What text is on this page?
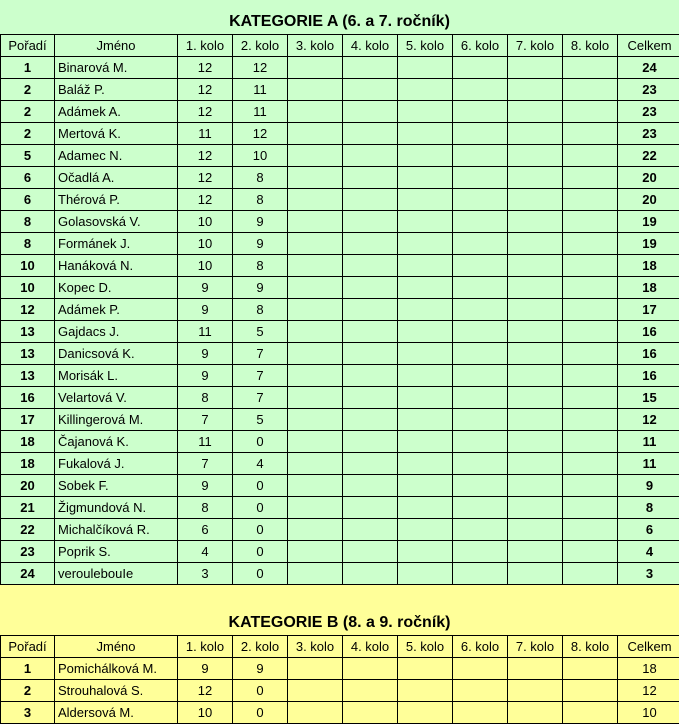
KATEGORIE A (6. a 7. ročník)
Pořadí	Jméno	1. kolo	2. kolo	3. kolo	4. kolo	5. kolo	6. kolo	7. kolo	8. kolo	Celkem
1	Binarová M.	12	12							24
2	Baláž P.	12	11							23
2	Adámek A.	12	11							23
2	Mertová K.	11	12							23
5	Adamec N.	12	10							22
6	Očadlá A.	12	8							20
6	Thérová P.	12	8							20
8	Golasovská V.	10	9							19
8	Formánek J.	10	9							19
10	Hanáková N.	10	8							18
10	Kopec D.	9	9							18
12	Adámek P.	9	8							17
13	Gajdacs J.	11	5							16
13	Danicsová K.	9	7							16
13	Morisák L.	9	7							16
16	Velartová V.	8	7							15
17	Killingerová M.	7	5							12
18	Čajanová K.	11	0							11
18	Fukalová J.	7	4							11
20	Sobek F.	9	0							9
21	Žigmundová N.	8	0							8
22	Michalčíková R.	6	0							6
23	Poprik S.	4	0							4
24	veroulebouIe	3	0							3
KATEGORIE B (8. a 9. ročník)
Pořadí	Jméno	1. kolo	2. kolo	3. kolo	4. kolo	5. kolo	6. kolo	7. kolo	8. kolo	Celkem
1	Pomichálková M.	9	9							18
2	Strouhalová S.	12	0							12
3	Aldersová M.	10	0							10
